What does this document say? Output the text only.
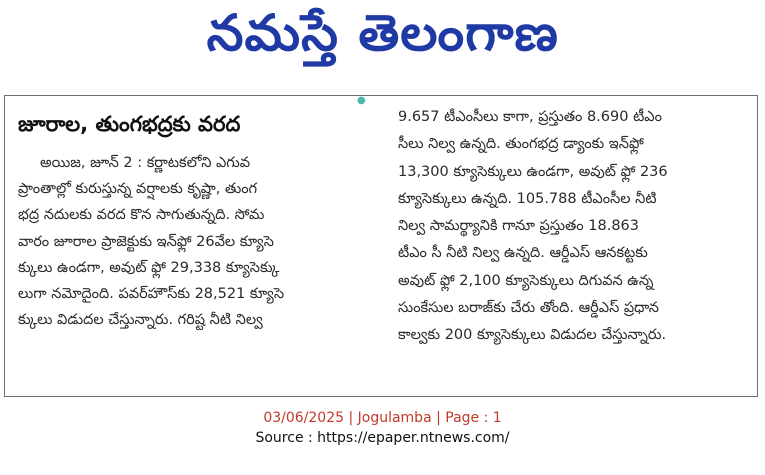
నమస్తే తెలంగాణ
●
జూరాల, తుంగభద్రకు వరద

అయిజ, జూన్ 2 : కర్ణాటకలోని ఎగువ

ప్రాంతాల్లో కురుస్తున్న వర్షాలకు కృష్ణా, తుంగ

భద్ర నదులకు వరద కొన సాగుతున్నది. సోమ

వారం జూరాల ప్రాజెక్టుకు ఇన్‌ఫ్లో 26వేల క్యూసె

క్కులు ఉండగా, అవుట్ ఫ్లో 29,338 క్యూసెక్కు

లుగా నమోదైంది. పవర్‌హౌస్‌కు 28,521 క్యూసె

క్కులు విడుదల చేస్తున్నారు. గరిష్ట నీటి నిల్వ

9.657 టీఎంసీలు కాగా, ప్రస్తుతం 8.690 టీఎం

సీలు నిల్వ ఉన్నది. తుంగభద్ర డ్యాంకు ఇన్‌ఫ్లో

13,300 క్యూసెక్కులు ఉండగా, అవుట్ ఫ్లో 236

క్యూసెక్కులు ఉన్నది. 105.788 టీఎంసీల నీటి

నిల్వ సామర్థ్యానికి గానూ ప్రస్తుతం 18.863

టీఎం సీ నీటి నిల్వ ఉన్నది. ఆర్డీఎస్ ఆనకట్టకు

అవుట్ ఫ్లో 2,100 క్యూసెక్కులు దిగువన ఉన్న

సుంకేసుల బరాజ్‌కు చేరు తోంది. ఆర్డీఎస్ ప్రధాన

కాల్వకు 200 క్యూసెక్కులు విడుదల చేస్తున్నారు.

03/06/2025 | Jogulamba | Page : 1
Source : https://epaper.ntnews.com/
